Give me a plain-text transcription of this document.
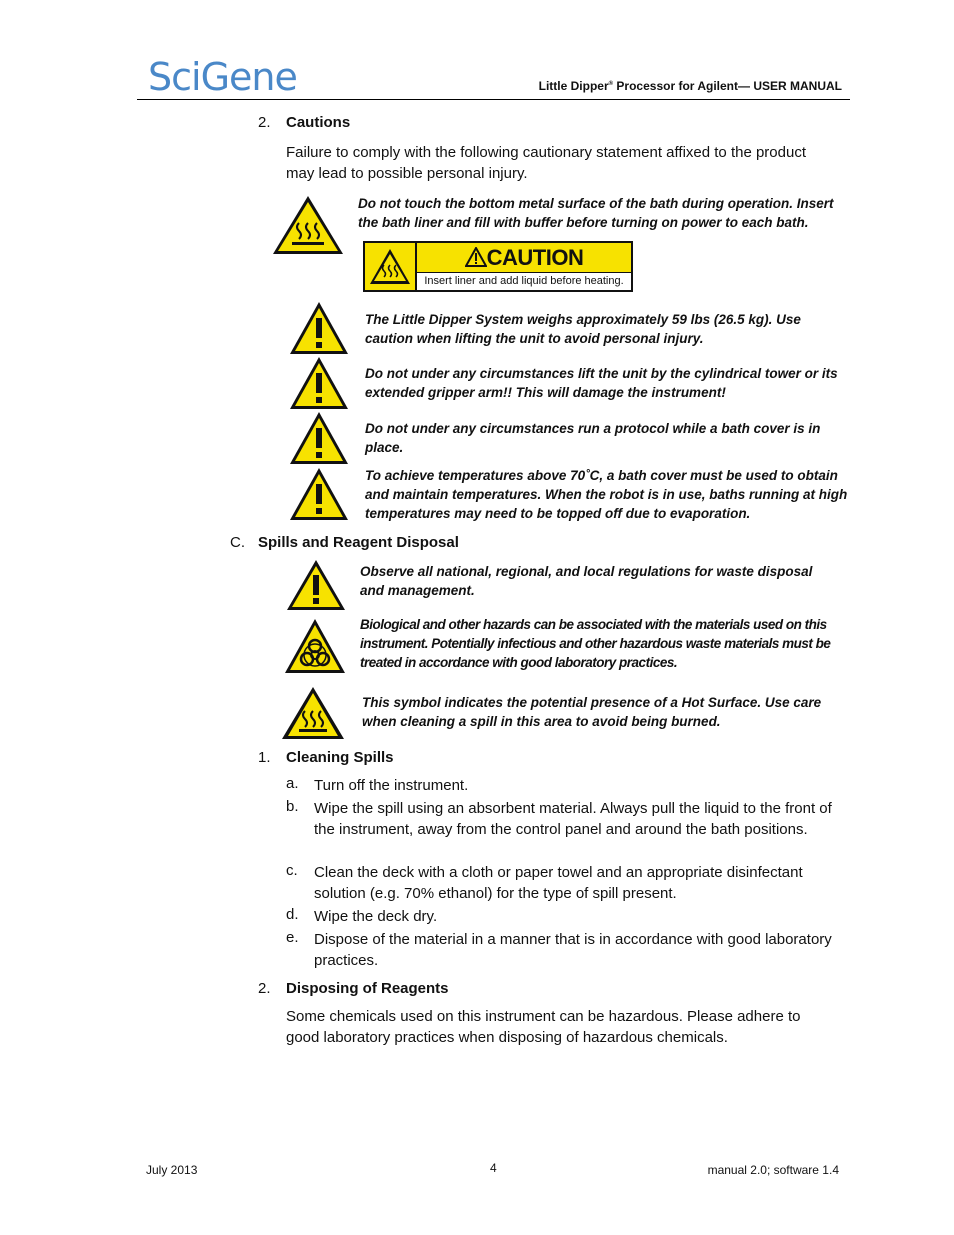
SciGene	Little Dipper® Processor for Agilent— USER MANUAL
2. Cautions
Failure to comply with the following cautionary statement affixed to the product may lead to possible personal injury.
Do not touch the bottom metal surface of the bath during operation. Insert the bath liner and fill with buffer before turning on power to each bath.
CAUTION
Insert liner and add liquid before heating.
The Little Dipper System weighs approximately 59 lbs (26.5 kg). Use caution when lifting the unit to avoid personal injury.
Do not under any circumstances lift the unit by the cylindrical tower or its extended gripper arm!! This will damage the instrument!
Do not under any circumstances run a protocol while a bath cover is in place.
To achieve temperatures above 70˚C, a bath cover must be used to obtain and maintain temperatures. When the robot is in use, baths running at high temperatures may need to be topped off due to evaporation.
C. Spills and Reagent Disposal
Observe all national, regional, and local regulations for waste disposal and management.
Biological and other hazards can be associated with the materials used on this instrument. Potentially infectious and other hazardous waste materials must be treated in accordance with good laboratory practices.
This symbol indicates the potential presence of a Hot Surface. Use care when cleaning a spill in this area to avoid being burned.
1. Cleaning Spills
a. Turn off the instrument.
b. Wipe the spill using an absorbent material. Always pull the liquid to the front of the instrument, away from the control panel and around the bath positions.
c. Clean the deck with a cloth or paper towel and an appropriate disinfectant solution (e.g. 70% ethanol) for the type of spill present.
d. Wipe the deck dry.
e. Dispose of the material in a manner that is in accordance with good laboratory practices.
2. Disposing of Reagents
Some chemicals used on this instrument can be hazardous. Please adhere to good laboratory practices when disposing of hazardous chemicals.
July 2013	4	manual 2.0; software 1.4
